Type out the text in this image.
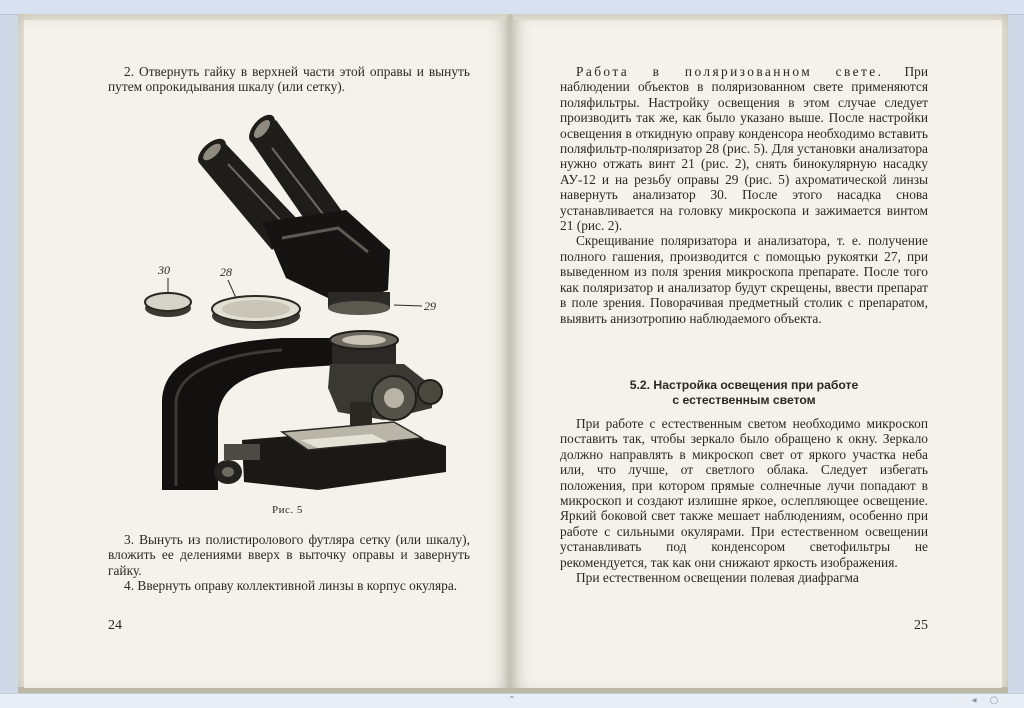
2. Отвернуть гайку в верхней части этой оправы и вынуть путем опрокидывания шкалу (или сетку).

30	28
29
Рис. 5

3. Вынуть из полистиролового футляра сетку (или шкалу), вложить ее делениями вверх в выточку оправы и завернуть гайку.

4. Ввернуть оправу коллективной линзы в корпус окуляра.

24

Работа в поляризованном свете. При наблюдении объектов в поляризованном свете применяются поляфильтры. Настройку освещения в этом случае следует производить так же, как было указано выше. После настройки освещения в откидную оправу конденсора необходимо вставить поляфильтр-поляризатор 28 (рис. 5). Для установки анализатора нужно отжать винт 21 (рис. 2), снять бинокулярную насадку АУ-12 и на резьбу оправы 29 (рис. 5) ахроматической линзы навернуть анализатор 30. После этого насадка снова устанавливается на головку микроскопа и зажимается винтом 21 (рис. 2).

Скрещивание поляризатора и анализатора, т. е. получение полного гашения, производится с помощью рукоятки 27, при выведенном из поля зрения микроскопа препарате. После того как поляризатор и анализатор будут скрещены, ввести препарат в поле зрения. Поворачивая предметный столик с препаратом, выявить анизотропию наблюдаемого объекта.

5.2. Настройка освещения при работе
с естественным светом

При работе с естественным светом необходимо микроскоп поставить так, чтобы зеркало было обращено к окну. Зеркало должно направлять в микроскоп свет от яркого участка неба или, что лучше, от светлого облака. Следует избегать положения, при котором прямые солнечные лучи попадают в микроскоп и создают излишне яркое, ослепляющее освещение. Яркий боковой свет также мешает наблюдениям, особенно при работе с сильными окулярами. При естественном освещении устанавливать под конденсором светофильтры не рекомендуется, так как они снижают яркость изображения.

При естественном освещении полевая диафрагма

25
⌃	◂	○
